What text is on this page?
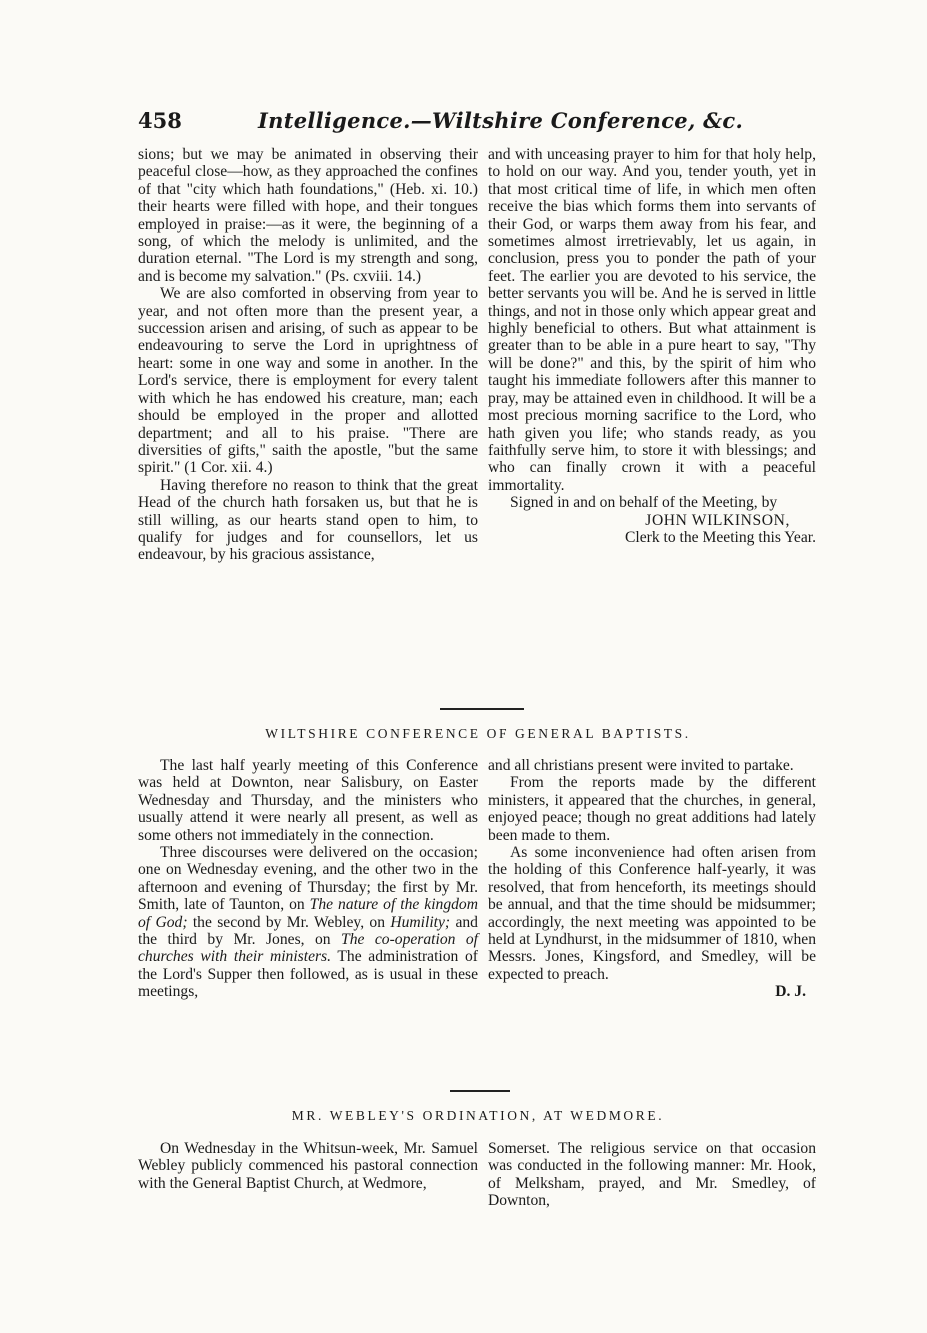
458	Intelligence.—Wiltshire Conference, &c.

sions; but we may be animated in observing their peaceful close—how, as they approached the confines of that "city which hath foundations," (Heb. xi. 10.) their hearts were filled with hope, and their tongues employed in praise:—as it were, the beginning of a song, of which the melody is unlimited, and the duration eternal. "The Lord is my strength and song, and is become my salvation." (Ps. cxviii. 14.)

We are also comforted in observing from year to year, and not often more than the present year, a succession arisen and arising, of such as appear to be endeavouring to serve the Lord in uprightness of heart: some in one way and some in another. In the Lord's service, there is employment for every talent with which he has endowed his creature, man; each should be employed in the proper and allotted department; and all to his praise. "There are diversities of gifts," saith the apostle, "but the same spirit." (1 Cor. xii. 4.)

Having therefore no reason to think that the great Head of the church hath forsaken us, but that he is still willing, as our hearts stand open to him, to qualify for judges and for counsellors, let us endeavour, by his gracious assistance,

and with unceasing prayer to him for that holy help, to hold on our way. And you, tender youth, yet in that most critical time of life, in which men often receive the bias which forms them into servants of their God, or warps them away from his fear, and sometimes almost irretrievably, let us again, in conclusion, press you to ponder the path of your feet. The earlier you are devoted to his service, the better servants you will be. And he is served in little things, and not in those only which appear great and highly beneficial to others. But what attainment is greater than to be able in a pure heart to say, "Thy will be done?" and this, by the spirit of him who taught his immediate followers after this manner to pray, may be attained even in childhood. It will be a most precious morning sacrifice to the Lord, who hath given you life; who stands ready, as you faithfully serve him, to store it with blessings; and who can finally crown it with a peaceful immortality.

Signed in and on behalf of the Meeting, by

JOHN WILKINSON,

Clerk to the Meeting this Year.

WILTSHIRE CONFERENCE OF GENERAL BAPTISTS.

The last half yearly meeting of this Conference was held at Downton, near Salisbury, on Easter Wednesday and Thursday, and the ministers who usually attend it were nearly all present, as well as some others not immediately in the connection.

Three discourses were delivered on the occasion; one on Wednesday evening, and the other two in the afternoon and evening of Thursday; the first by Mr. Smith, late of Taunton, on The nature of the kingdom of God; the second by Mr. Webley, on Humility; and the third by Mr. Jones, on The co-operation of churches with their ministers. The administration of the Lord's Supper then followed, as is usual in these meetings,

and all christians present were invited to partake.

From the reports made by the different ministers, it appeared that the churches, in general, enjoyed peace; though no great additions had lately been made to them.

As some inconvenience had often arisen from the holding of this Conference half-yearly, it was resolved, that from henceforth, its meetings should be annual, and that the time should be midsummer; accordingly, the next meeting was appointed to be held at Lyndhurst, in the midsummer of 1810, when Messrs. Jones, Kingsford, and Smedley, will be expected to preach.

D. J.

MR. WEBLEY'S ORDINATION, AT WEDMORE.

On Wednesday in the Whitsun-week, Mr. Samuel Webley publicly commenced his pastoral connection with the General Baptist Church, at Wedmore,

Somerset. The religious service on that occasion was conducted in the following manner: Mr. Hook, of Melksham, prayed, and Mr. Smedley, of Downton,
